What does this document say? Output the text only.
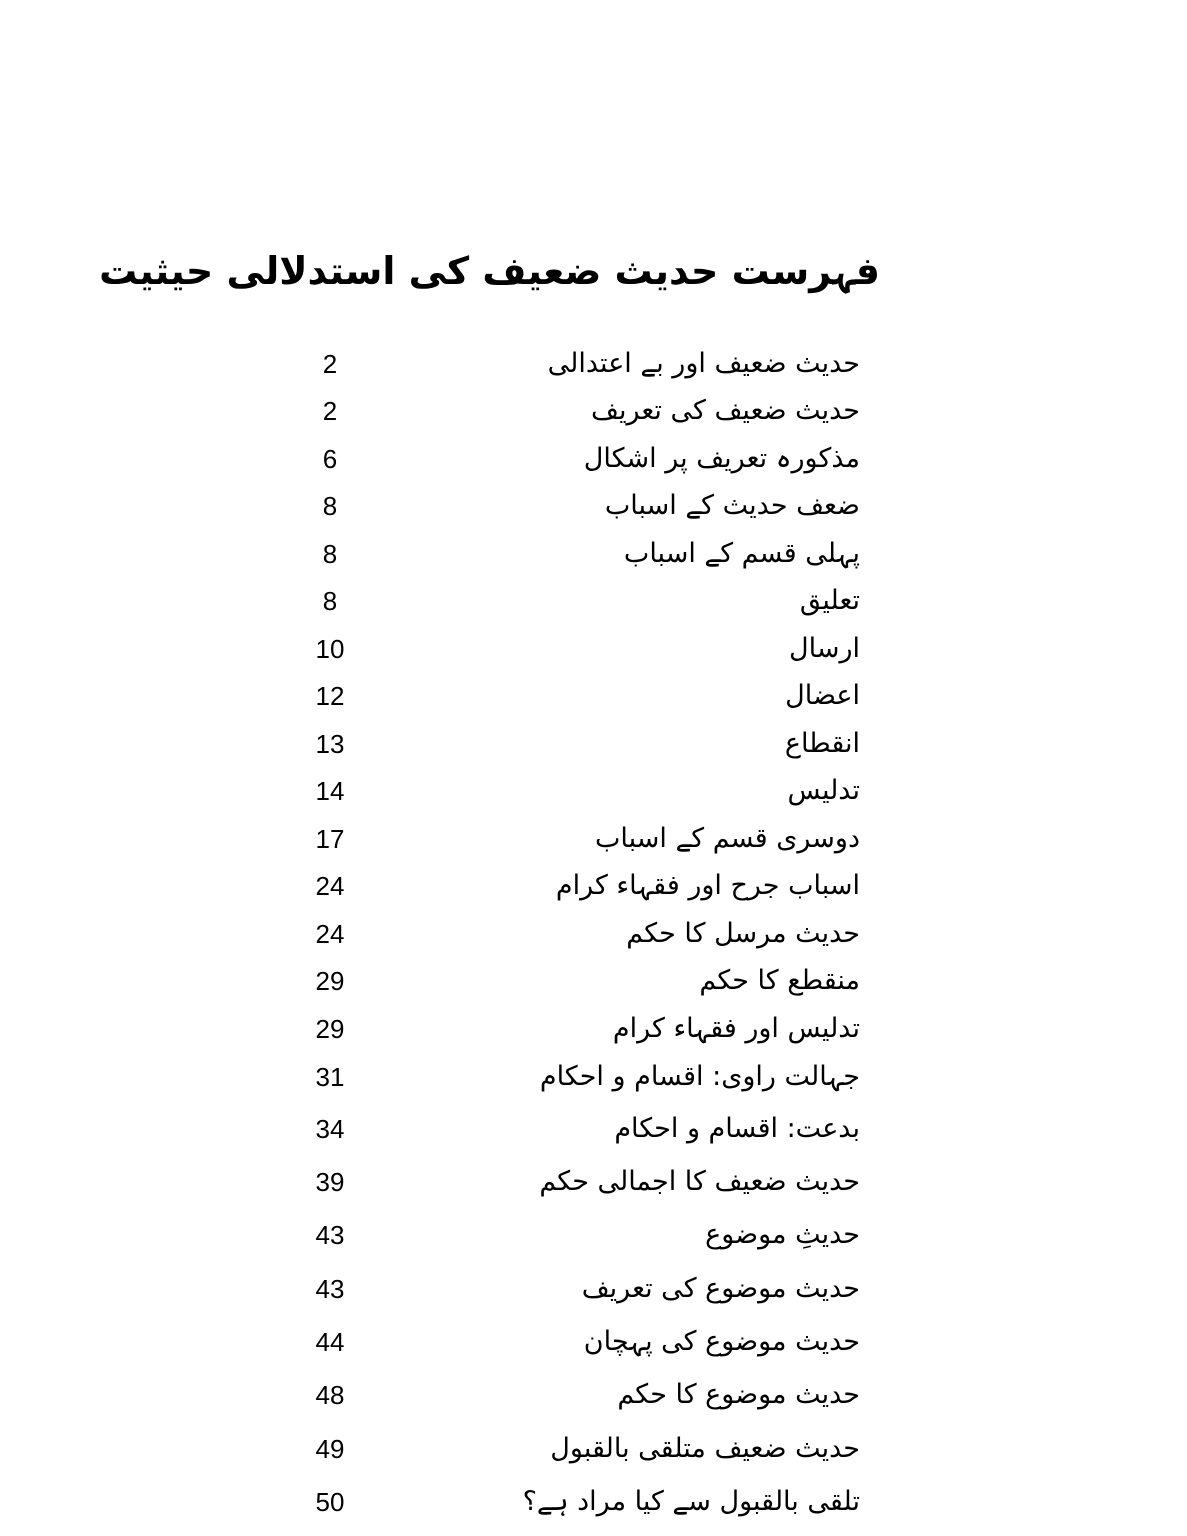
فہرست حدیث ضعیف کی استدلالی حیثیت
حدیث ضعیف اور بے اعتدالی
2
حدیث ضعیف کی تعریف
2
مذکورہ تعریف پر اشکال
6
ضعف حدیث کے اسباب
8
پہلی قسم کے اسباب
8
تعلیق
8
ارسال
10
اعضال
12
انقطاع
13
تدلیس
14
دوسری قسم کے اسباب
17
اسباب جرح اور فقہاء کرام
24
حدیث مرسل کا حکم
24
منقطع کا حکم
29
تدلیس اور فقہاء کرام
29
جہالت راوی: اقسام و احکام
31
بدعت: اقسام و احکام
34
حدیث ضعیف کا اجمالی حکم
39
حدیثِ موضوع
43
حدیث موضوع کی تعریف
43
حدیث موضوع کی پہچان
44
حدیث موضوع کا حکم
48
حدیث ضعیف متلقی بالقبول
49
تلقی بالقبول سے کیا مراد ہے؟
50
